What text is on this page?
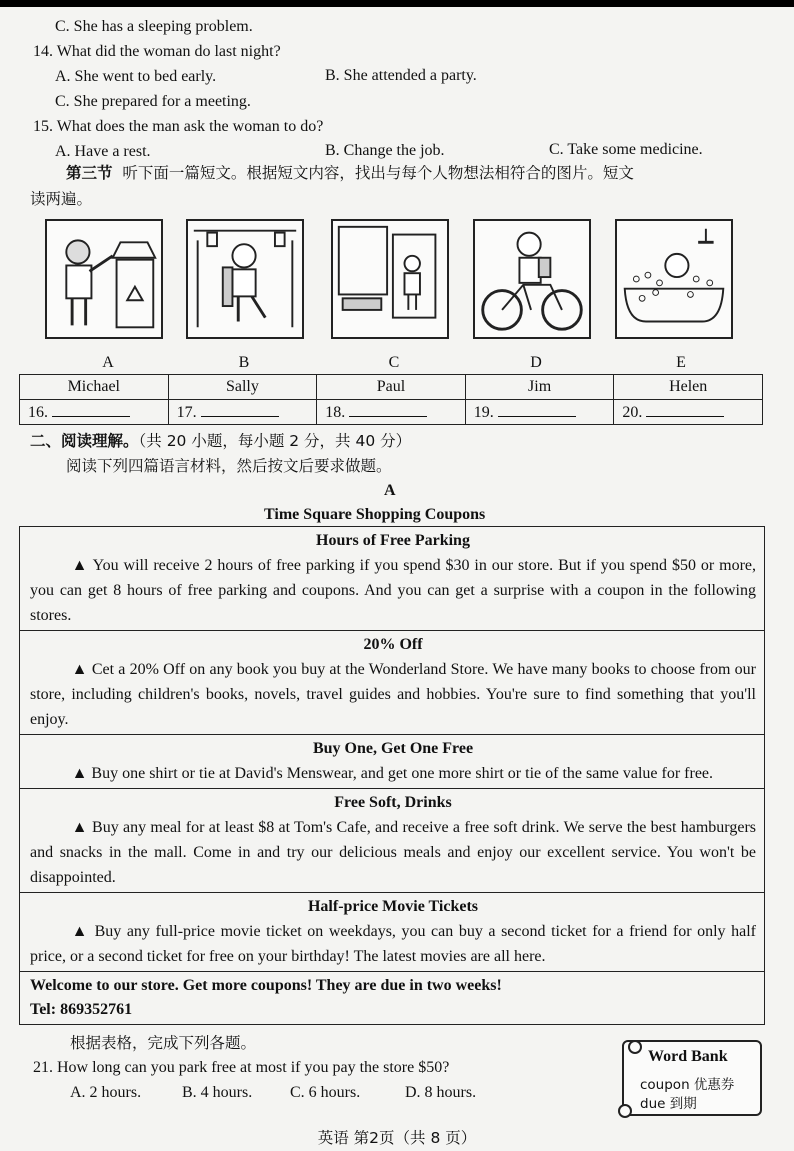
C. She has a sleeping problem.
14. What did the woman do last night?
A. She went to bed early.	B. She attended a party.
C. She prepared for a meeting.
15. What does the man ask the woman to do?
A. Have a rest.	B. Change the job.	C. Take some medicine.
第三节 听下面一篇短文。根据短文内容，找出与每个人物想法相符合的图片。短文
读两遍。
A	B	C	D	E
Michael	Sally	Paul	Jim	Helen
16.	17.	18.	19.	20.
二、阅读理解。（共 20 小题，每小题 2 分，共 40 分）
阅读下列四篇语言材料，然后按文后要求做题。
A
Time Square Shopping Coupons
Hours of Free Parking

▲ You will receive 2 hours of free parking if you spend $30 in our store. But if you spend $50 or more, you can get 8 hours of free parking and coupons. And you can get a surprise with a coupon in the following stores.

20% Off

▲ Cet a 20% Off on any book you buy at the Wonderland Store. We have many books to choose from our store, including children's books, novels, travel guides and hobbies. You're sure to find something that you'll enjoy.

Buy One, Get One Free

▲ Buy one shirt or tie at David's Menswear, and get one more shirt or tie of the same value for free.

Free Soft, Drinks

▲ Buy any meal for at least $8 at Tom's Cafe, and receive a free soft drink. We serve the best hamburgers and snacks in the mall. Come in and try our delicious meals and enjoy our excellent service. You won't be disappointed.

Half-price Movie Tickets

▲ Buy any full-price movie ticket on weekdays, you can buy a second ticket for a friend for only half price, or a second ticket for free on your birthday! The latest movies are all here.

Welcome to our store. Get more coupons! They are due in two weeks!

Tel: 869352761

根据表格，完成下列各题。
21. How long can you park free at most if you pay the store $50?
A. 2 hours.	B. 4 hours. C. 6 hours.	D. 8 hours.
Word Bank
coupon 优惠券
due 到期
英语 第2页（共 8 页）
